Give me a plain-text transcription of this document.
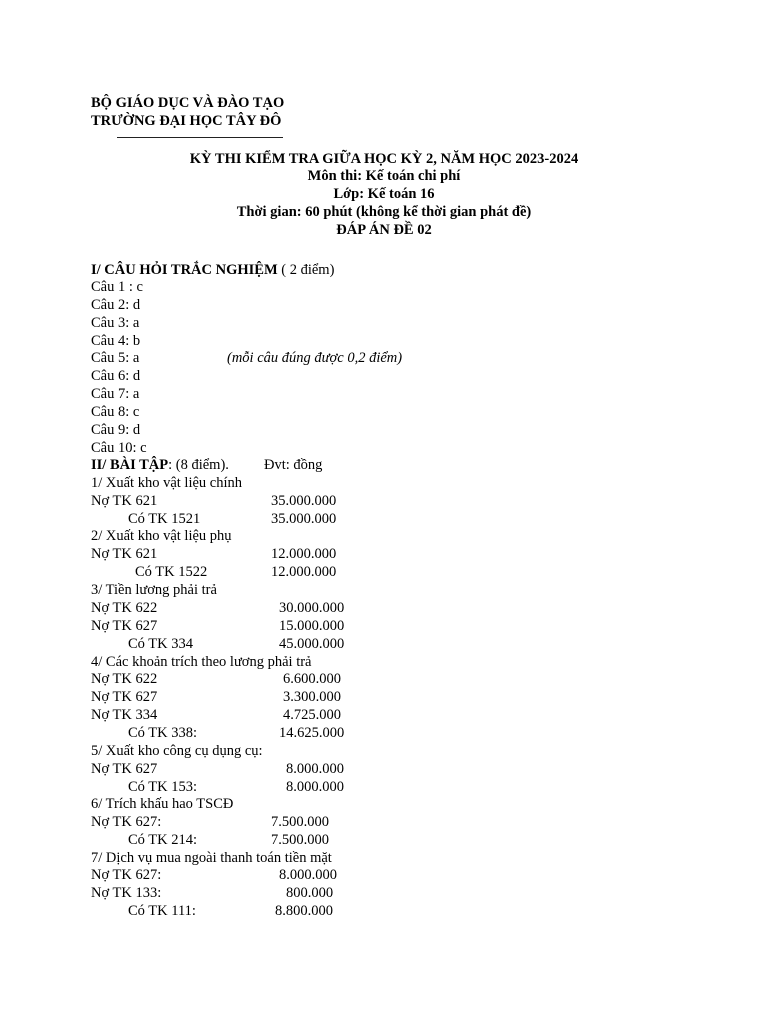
BỘ GIÁO DỤC VÀ ĐÀO TẠO
TRƯỜNG ĐẠI HỌC TÂY ĐÔ
KỲ THI KIỂM TRA GIỮA HỌC KỲ 2, NĂM HỌC 2023-2024
Môn thi: Kế toán chi phí
Lớp: Kế toán 16
Thời gian: 60 phút (không kể thời gian phát đề)
ĐÁP ÁN ĐỀ 02
I/ CÂU HỎI TRẮC NGHIỆM ( 2 điểm)
Câu 1 : c
Câu 2: d
Câu 3: a
Câu 4: b
Câu 5: a	(mỗi câu đúng được 0,2 điểm)
Câu 6: d
Câu 7: a
Câu 8: c
Câu 9: d
Câu 10: c
II/ BÀI TẬP: (8 điểm). Đvt: đồng
1/ Xuất kho vật liệu chính
Nợ TK 621	35.000.000
Có TK 1521	35.000.000
2/ Xuất kho vật liệu phụ
Nợ TK 621	12.000.000
Có TK 1522	12.000.000
3/ Tiền lương phải trả
Nợ TK 622	30.000.000
Nợ TK 627	15.000.000
Có TK 334	45.000.000
4/ Các khoản trích theo lương phải trả
Nợ TK 622	6.600.000
Nợ TK 627	3.300.000
Nợ TK 334	4.725.000
Có TK 338:	14.625.000
5/ Xuất kho công cụ dụng cụ:
Nợ TK 627	8.000.000
Có TK 153:	8.000.000
6/ Trích khấu hao TSCĐ
Nợ TK 627:	7.500.000
Có TK 214:	7.500.000
7/ Dịch vụ mua ngoài thanh toán tiền mặt
Nợ TK 627:	8.000.000
Nợ TK 133:	800.000
Có TK 111:	8.800.000
